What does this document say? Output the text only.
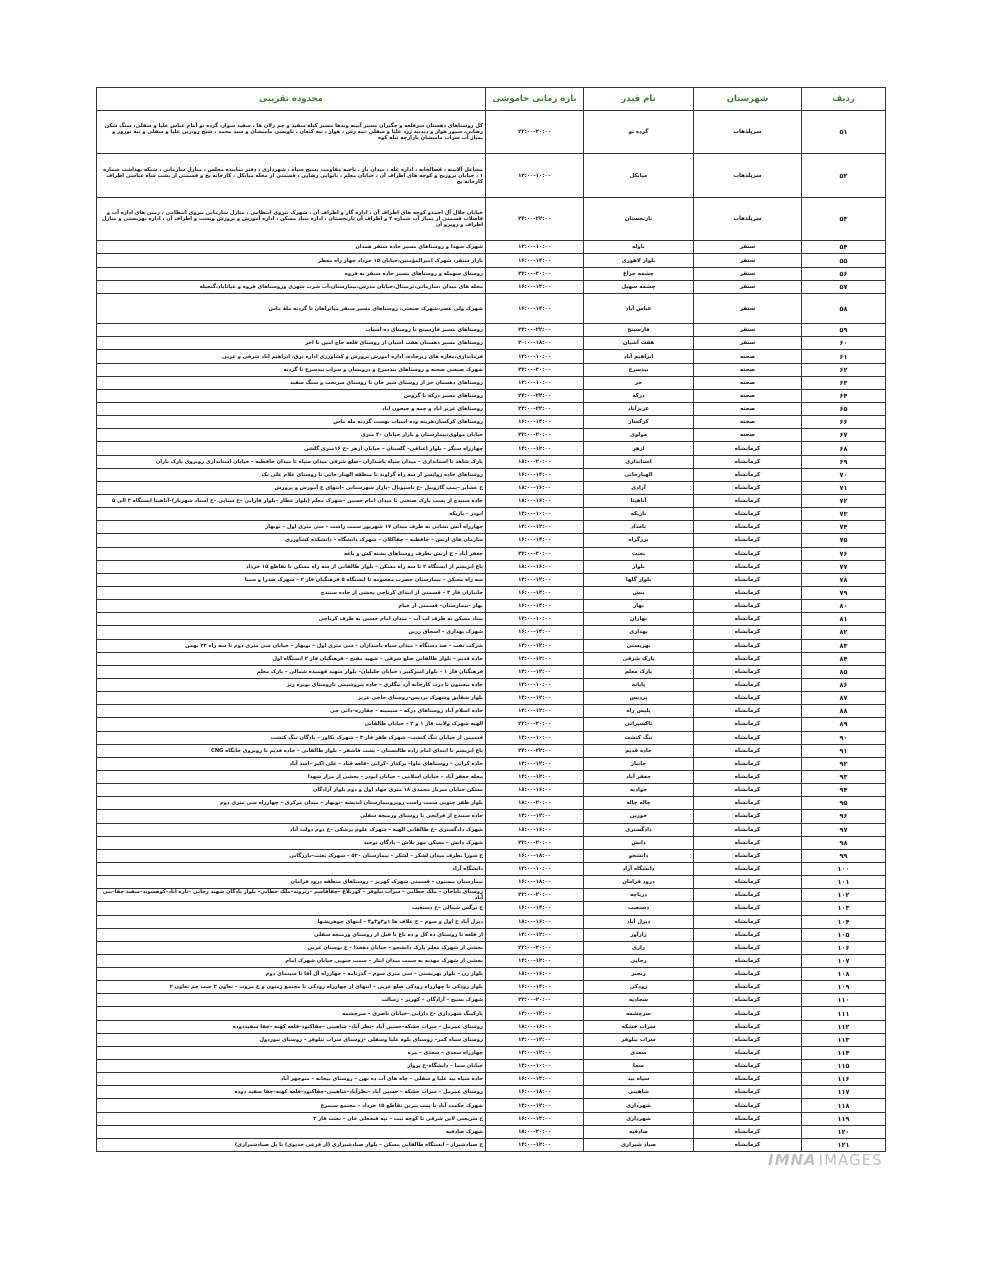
ردیف	شهرستان	نام فیدر	بازه زمانی خاموشی	محدوده تقریبی
۵۱	سرپلذهاب	گرده نو	۲۲:۰۰-۲۰:۰۰	کل روستاهای دهستان سرقلعه و جگیران مسیر آبینه وندها مسیر کیله سفید و چم زلان ها ، سفید سوار، گرده نو آمام عباس علیا و سفلی، سنگ شکن رضایی، سپور هوار و دیدنبد زرد علیا و سفلی ،تپه رش ، هوار ، تپه کنعان ، باویسی مامیشان و سید محمد ، شیخ رو،زین علیا و سفلی و تپه نوروز و پمپاژ آب سراب مامیشان بازارچه تیله کوه
۵۲	سرپلذهاب	میانکل	۱۲:۰۰-۱۰:۰۰	مشاغل آلابینه ، قصالخانه ، اداره غله ، میدان بار ، ناحیه مقاومت بسیج سپاه ، شهرداری ، دفتر نماینده مجلس ، منازل سازمانی ، شبکه بهداشت شماره ۱ ، خیابان تروریج و کوچه های اطراف آن ، خیابان معلم ، نانوایی رضایی ، قسمتی از محله میانکل ، کارخانه یخ و قسمتی از پشت شاه عباسی اطراف کارخانه یخ
۵۳	سرپلذهاب	نارنجستان	۲۴:۰۰-۲۲:۰۰	خیابان جلال آل احمدو کوچه های اطراف آن ، اداره گاز و اطراف آن ، شهرک نیروی انتظامی ، منازل سازمانی نیروی انتظامی ، زمین های اداره آب و فاضلاب قسمتی از پمپاژ آب شماره ۴ و اطراف آن تارنجستان ، اداره بنیاد مسکن ، اداره آموزش و پرورش وپشت و اطراف آن ، اداره بهزیستی و منازل اطراف و روبرو آن
۵۴	سنقر	باوله	۱۲:۰۰-۱۰:۰۰	شهرک شهدا و روستاهای مسیر جاده سنقر همدان
۵۵	سنقر	بلوار لاهوری	۱۶:۰۰-۱۴:۰۰	بازار سنقر، شهرک امیرالمؤمنین،خیابان ۱۵ خرداد چهار راه معطر
۵۶	سنقر	چشمه جراغ	۲۲:۰۰-۲۰:۰۰	روستای سهمله و روستاهای مسیر جاده سنقر به فروه
۵۷	سنقر	چشمه سهیل	۱۶:۰۰-۱۴:۰۰	محله های میدان ،سازمانی،ترمینال،خیابان مدرس،بیمارستان،آب شرب شهری وروستاهای فروه و غیاثاباد،گنجیله
۵۸	سنقر	عباس آباد	۱۶:۰۰-۱۴:۰۰	شهرک ولی عصر،شهرک صنعتی، روستاهای مسیر سنقر میانراهان تا گردنه ملهٔ ماس
۵۹	سنقر	فارسینج	۲۴:۰۰-۲۲:۰۰	روستاهای مسیر فارسینج تا روستای ده اسیاب
۶۰	سنقر	هفت آشیان	۲۰:۰۰-۱۸:۰۰	روستاهای مسیر دهستان هفت اشیان از روستای قلعه حاج امین تا اخر
۶۱	صحنه	ابراهیم آباد	۱۲:۰۰-۱۰:۰۰	فرمانداری،مغازه های زیرجاده، اداره اموزش پرورش و کشاورزی اداره برق، ابراهیم اباد شرقی و غربی
۶۲	صحنه	بیدسرخ	۲۲:۰۰-۲۰:۰۰	شهرک صنعتی صحنه و روستاهای بیدسرخ و درویشان و سراب بیدسرخ تا گردنه
۶۳	صحنه	حر	۱۲:۰۰-۱۰:۰۰	روستاهای دهستان حر از روستای شیر خان تا روستای سرتخت و سنگ سفید
۶۴	صحنه	درکه	۲۴:۰۰-۲۲:۰۰	روستاهای مسیر درکه تا گروس
۶۵	صحنه	عزیزآباد	۲۴:۰۰-۲۲:۰۰	روستاهای عزیز اباد و چمه و جیحون اباد
۶۶	صحنه	کرکساز	۱۶:۰۰-۱۴:۰۰	روستاهای کرکساز،هرینه وده اسیاب بهست گردنه مله ماس
۶۷	صحنه	مولوی	۲۲:۰۰-۲۰:۰۰	خیابان مولوی،بیمارستان و بازار خیابان ۴۰ متری
۶۸	کرمانشاه	ازهر	۱۴:۰۰-۱۲:۰۰	چهارراه سنگر – بلوار اعتاقی– گلستان – خیابان ازهر –خ ۱۶متری گلشن
۶۹	کرمانشاه	استانداری	۱۸:۰۰-۲۰:۰۰	پارک شاهد تا استانداری – میدان سپاه پاسداران –ضلع شرقی میدان سپاه تا میدان حافظیه – خیابان استانداری روبروی پارک باران
۷۰	کرمانشاه	الهیارخانی	۱۶:۰۰-۱۴:۰۰	روستاهای جاده روانسر از سه راه گراوند تا منطقه الهیار خانی تا روستای غلام علی بک
۷۱	کرمانشاه	آزادی	۱۸:۰۰-۱۶:۰۰	خ عشایر –پمپ گازوییل –خ ناسیونال –بازار شهرستانی –انتهای خ آموزش و پرورش
۷۲	کرمانشاه	آناهیتا	۱۸:۰۰-۱۶:۰۰	جاده سنندج از پست پارک صنعتی تا میدان امام حسین –شهرک معلم (بلوار عطار –بلوار فارابی –خ سنایی –خ استاد شهریار)–آناهیتا ایستگاه ۳ الی ۵
۷۳	کرمانشاه	باریکه	۱۲:۰۰-۱۰:۰۰	ابوذر – باریکه
۷۴	کرمانشاه	بامداد	۱۴:۰۰-۱۲:۰۰	چهارراه آتش نشانی به طرف میدان ۱۷ شهریور سمت راست – سی متری اول – نوبهار
۷۵	کرمانشاه	بزرگراه	۱۶:۰۰-۱۴:۰۰	سازمان های ارتش – حافظیه – چقاکلان – شهرک دانشگاه – دانشکده کشاورزی
۷۶	کرمانشاه	بعثت	۲۲:۰۰-۲۰:۰۰	جعفر آباد – خ ارتش بطرف روستاهای پشته کش و باغه
۷۷	کرمانشاه	بلوار	۱۸:۰۰-۱۶:۰۰	باغ ابریشم از ایستگاه ۲ تا سه راه مسکن – بلوار طالقانی از سه راه مسکن تا تقاطع ۱۵ خرداد
۷۸	کرمانشاه	بلوار گلها	۱۴:۰۰-۱۲:۰۰	سه راه مسکن – بیمارستان حضرت معصومه تا ایستگاه ۵ فرهنگیان فاز ۲ – شهرک صدرا و سینا
۷۹	کرمانشاه	بنش	۱۶:۰۰-۱۴:۰۰	جانبازان فاز ۳ – قسمتی از ابتدای کرناچی بخشی از جاده سنندج
۸۰	کرمانشاه	بهار	۱۶:۰۰-۱۴:۰۰	بهار –بیمارستان– قسمتی از خیام
۸۱	کرمانشاه	بهاران	۱۲:۰۰-۱۰:۰۰	بنیاد مسکن به طرف لب آب – میدان امام حسین به طرف کرناچی
۸۲	کرمانشاه	بهداری	۱۶:۰۰-۱۴:۰۰	شهرک بهداری – اسحاق زرین
۸۳	کرمانشاه	بهزیستی	۱۴:۰۰-۱۲:۰۰	شرکت نفت – صد دستگاه – میدان سپاه پاسداران – سی متری اول – نوبهار – خیابان سی متری دوم تا سه راه ۲۲ بهمن
۸۴	کرمانشاه	پارک شرقی	۱۴:۰۰-۱۲:۰۰	جاده قدیم – بلوار طالقانی ضلع شرقی – شهید مفتح – فرهنگیان فاز ۲ ایستگاه اول
۸۵	کرمانشاه	پارک معلم	۱۴:۰۰-۱۲:۰۰	فرهنگیان فاز ۱ – بلوار امیرکبیر ، خیابان جلیلیان– بلوار شهید فهمیده شمالی – پارک معلم
۸۶	کرمانشاه	پایانه	۱۲:۰۰-۱۰:۰۰	جاده بیستون تا درب کارخانه آرد بیگلری – جاده پتروشیمی تاروستای نوبره ریژ
۸۷	کرمانشاه	پردیس	۱۴:۰۰-۱۲:۰۰	بلوار شقایق وشهرک پردیس–روستای حاجی عزیز
۸۸	کرمانشاه	پلیس راه	۱۴:۰۰-۱۲:۰۰	جاده اسلام آباد روستاهای درکه – سیمینه – چقارزه–داتی جی
۸۹	کرمانشاه	تاکسیرانی	۲۲:۰۰-۲۰:۰۰	الهیه شهرک ولایت فاز ۱ و ۲ – خیابان طالقانی
۹۰	کرمانشاه	تنگ کنشت	۱۲:۰۰-۱۰:۰۰	قسمتی از خیابان تنگ کنشت– شهرک ظفر فاز ۳ – شهرک تکاور – پادگان تنگ کنشت
۹۱	کرمانشاه	جاده قدیم	۲۴:۰۰-۲۲:۰۰	باغ ابریشم تا ابتدای امام زاده طالبستان – پشت قاشقر – بلوار طالقانی – جاده قدیم تا روبروی جایگاه CNG
۹۲	کرمانشاه	جانباز	۱۴:۰۰-۱۲:۰۰	جاده کرانی – روستاهای ماوا– برکدار –کرانی –قلعه قباد – علی اکبر –اسد آباد
۹۳	کرمانشاه	جعفر آباد	۱۴:۰۰-۱۲:۰۰	محله جعفر آباد – خیابان اسلامی – خیابان ابوذر – بخشی از مزار شهدا
۹۴	کرمانشاه	جوادیه	۱۸:۰۰-۱۶:۰۰	مسکن خیابان سرباز محمدی ۱۸ متری جهاد اول و دوم بلوار آزادگان
۹۵	کرمانشاه	چاله چاله	۱۸:۰۰-۲۰:۰۰	بلوار ظفر جنوبی سمت راست روبروبیمارستان اندیشه –نوبهار – میدان مرکزی – چهارراه سی متری دوم
۹۶	کرمانشاه	خورین	۱۴:۰۰-۱۲:۰۰	جاده سنندج از قراتچی تا روستای ورمنجه سفلی
۹۷	کرمانشاه	دادگستری	۱۸:۰۰-۱۶:۰۰	شهرک دادگستری –خ طالقانی الهیه – شهرک علوم پزشکی –خ دوم دولت آباد
۹۸	کرمانشاه	دانش	۲۲:۰۰-۲۰:۰۰	شهرک دانش – مسکن مهر تلاش – پادگان توحید
۹۹	کرمانشاه	دانشجو	۱۶:۰۰-۱۸:۰۰	خ شورا بطرف میدان لشکر – لشکر – بیمارستان ۵۲۰ – شهرک بعثت–بازرگانی
۱۰۰	کرمانشاه	دانشگاه آزاد	۱۲:۰۰-۱۰:۰۰	دانشگاه آزاد
۱۰۱	کرمانشاه	درود فرامان	۱۶:۰۰-۱۸:۰۰	بیمارستان بیستون – قسمتی شهرک کهریز – روستاهای منطقه درود فرامان
۱۰۲	کرمانشاه	دریاچه	۲۲:۰۰-۲۰:۰۰	روستای باباجان – ملک خطابی – سراب نیلوفر – کوربلاغ –چقاقاسم –زیزوند–ملک خطابی– بلوار پادگان شهید رجایی –تازه آباد–کوهسوند–سفید چقا–بنی آباد
۱۰۳	کرمانشاه	دستغیب	۱۶:۰۰-۱۴:۰۰	خ نرگس شمالی –خ دستغیب
۱۰۴	کرمانشاه	دیزل آباد	۱۸:۰۰-۱۶:۰۰	دیزل آباد خ اول و سوم – خ علاف ها ۱و۲و۳و۴ – انتهای جوهریشها
۱۰۵	کرمانشاه	رازآور	۱۴:۰۰-۱۲:۰۰	از قلعه تا روستای ده کل و ده باغ تا قبل از روستای ورمنجه سفلی
۱۰۶	کرمانشاه	رازی	۲۲:۰۰-۲۰:۰۰	بخشی از شهرک معلم پارک دانشجو – خیابان دهخدا – خ بوستان غربی
۱۰۷	کرمانشاه	رجایی	۱۴:۰۰-۱۲:۰۰	بخشی از شهرک مهدیه به سمت میدان ایثار – سمت جنوبی خیابان شهرک امام
۱۰۸	کرمانشاه	رنجبر	۱۸:۰۰-۱۶:۰۰	بلوار زن – بلوار بهزیستی – سی متری سوم – گذرنامه – چهارراه آل آقا تا سینمای دوم
۱۰۹	کرمانشاه	رودکی	۱۶:۰۰-۱۴:۰۰	بلوار رودکی تا چهارراه رودکی ضلع غربی – انتهای از چهارراه رودکی تا مجتمع زمتون و خ مروت – تعاون ۲ جنب چم تعاون ۲
۱۱۰	کرمانشاه	سجادیه	۲۲:۰۰-۲۰:۰۰	شهرک بسیج – آزادگان – کهریز – رسالت
۱۱۱	کرمانشاه	سرچشمه	۱۴:۰۰-۱۲:۰۰	پارکینگ شهرداری –خ دارایی –خیابان ناصری – سرچشمه
۱۱۲	کرمانشاه	سراب خشکه	۱۸:۰۰-۱۶:۰۰	روستای عمرمل – سراب خشکه–حسین آباد –نظر آباد– شاهینی –چقاکبود–قلعه کهنه –چقا سفیددوده
۱۱۳	کرمانشاه	سراب نیلوفر	۱۴:۰۰-۱۲:۰۰	روستای سیاه کمر– روستای بلوه علیا وسفلی –روستای سراب نیلوفر – روستای تنوردول
۱۱۴	کرمانشاه	سعدی	۱۴:۰۰-۱۲:۰۰	چهارراه سعدی – سعدی – مزه
۱۱۵	کرمانشاه	سما	۱۲:۰۰-۱۰:۰۰	خیابان سما – دانشگاه–خ پرواز
۱۱۶	کرمانشاه	سیاه بید	۱۶:۰۰-۱۴:۰۰	جاده سیاه بید علیا و سفلی – چاه های آب ده بهن – روستای بیجانه – منوچهر آباد
۱۱۷	کرمانشاه	شاهینی	۱۶:۰۰-۱۸:۰۰	روستای عمرمل – سراب خشکه – حسین آباد –نظرآباد–شاهینی–چقاکبود–قلعه کهنه–چقا سفید دوده
۱۱۸	کرمانشاه	شهرداری	۱۴:۰۰-۱۲:۰۰	شهرک حکمت آباد تا پمپ بنزین تقاطع ۱۵ خرداد – مجتمع سیمرغ
۱۱۹	کرمانشاه	شهرداری	۱۶:۰۰-۱۴:۰۰	خ شریعتی لاین شرقی تا کوچه ثبت – تپه قنحعلی خان – بعثت فاز ۲
۱۲۰	کرمانشاه	صادقیه	۱۸:۰۰-۲۰:۰۰	شهرک صادقیه
۱۲۱	کرمانشاه	صیاد شیرازی	۱۴:۰۰-۱۲:۰۰	خ صیادشیراز – ایستگاه طالقانی مسکن – بلوار صیادشیرازی (از فرعی خدیوی) تا پل صیادشیرازی)
IMNA IMAGES
